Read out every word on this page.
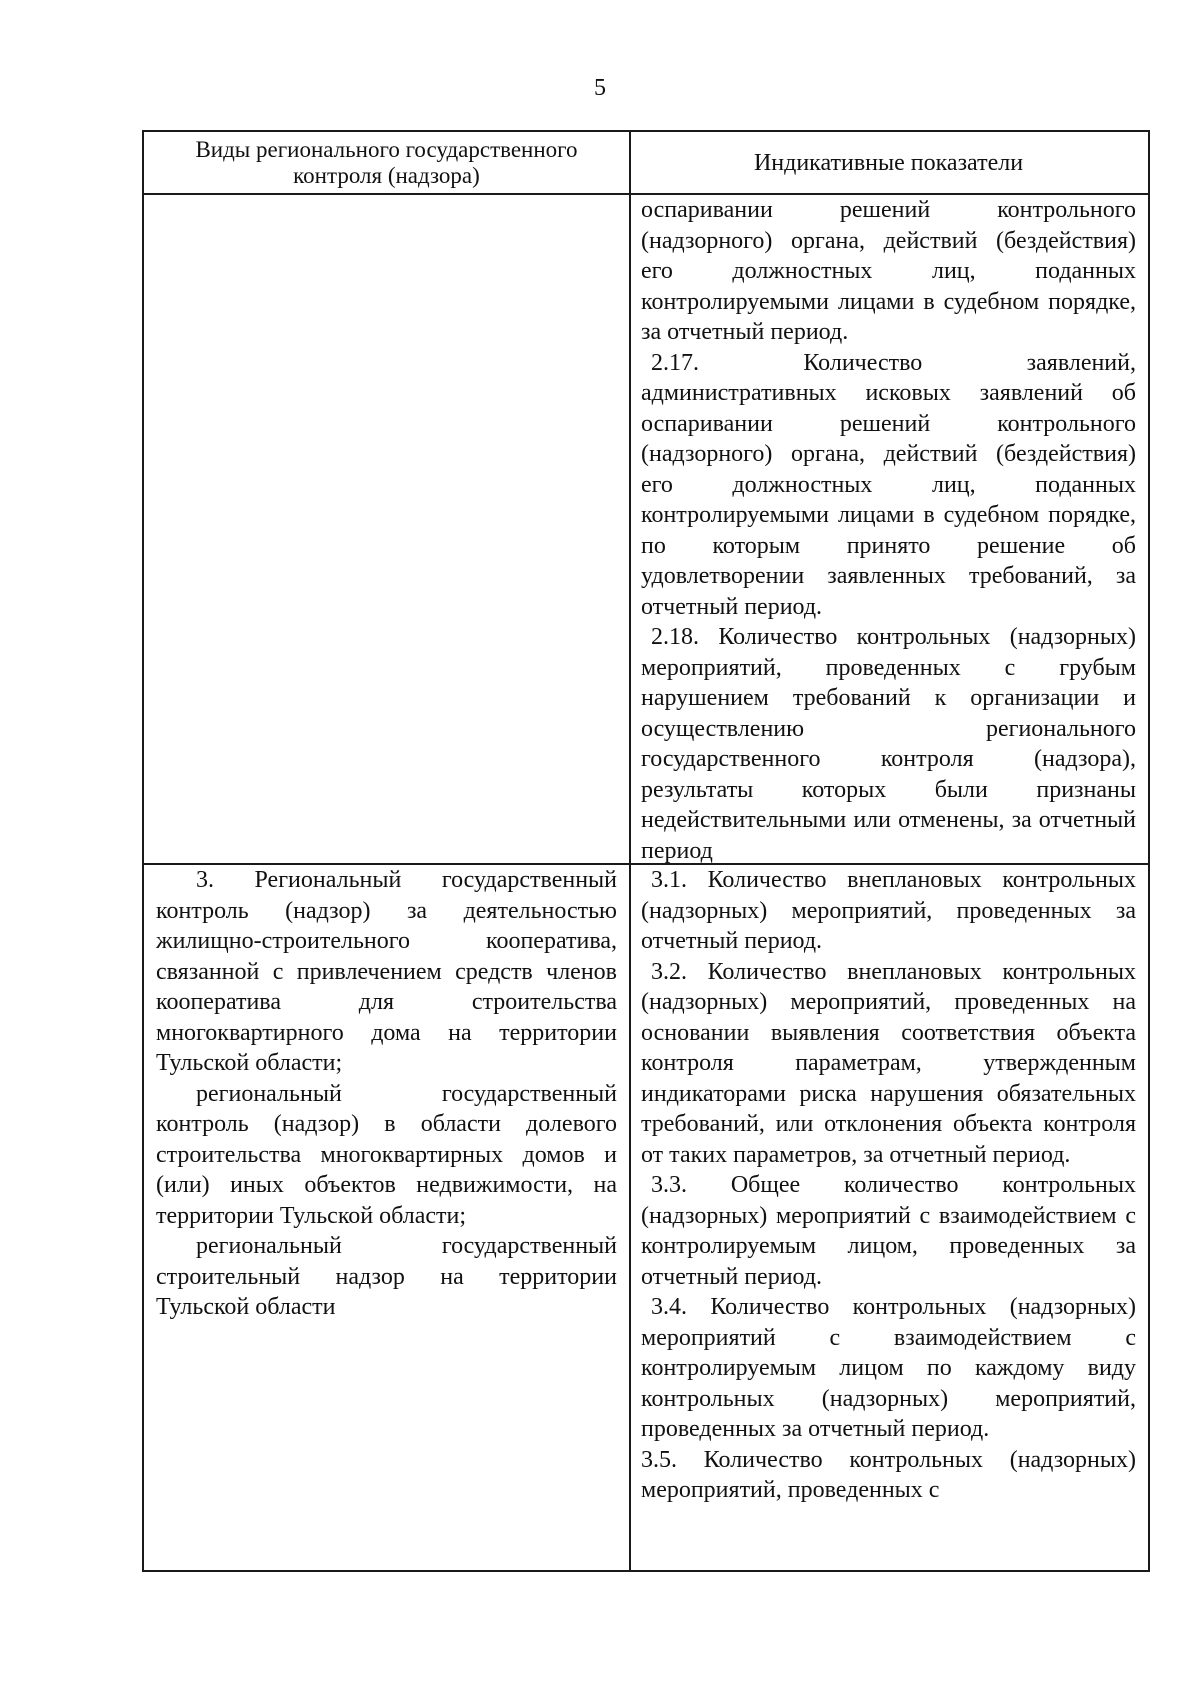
5
Виды регионального государственного контроля (надзора)	Индикативные показатели

оспаривании решений контрольного (надзорного) органа, действий (бездействия) его должностных лиц, поданных контролируемыми лицами в судебном порядке, за отчетный период.

2.17. Количество заявлений, административных исковых заявлений об оспаривании решений контрольного (надзорного) органа, действий (бездействия) его должностных лиц, поданных контролируемыми лицами в судебном порядке, по которым принято решение об удовлетворении заявленных требований, за отчетный период.

2.18. Количество контрольных (надзорных) мероприятий, проведенных с грубым нарушением требований к организации и осуществлению регионального государственного контроля (надзора), результаты которых были признаны недействительными или отменены, за отчетный период

3. Региональный государственный контроль (надзор) за деятельностью жилищно-строительного кооператива, связанной с привлечением средств членов кооператива для строительства многоквартирного дома на территории Тульской области;

региональный государственный контроль (надзор) в области долевого строительства многоквартирных домов и (или) иных объектов недвижимости, на территории Тульской области;

региональный государственный строительный надзор на территории Тульской области

3.1. Количество внеплановых контрольных (надзорных) мероприятий, проведенных за отчетный период.

3.2. Количество внеплановых контрольных (надзорных) мероприятий, проведенных на основании выявления соответствия объекта контроля параметрам, утвержденным индикаторами риска нарушения обязательных требований, или отклонения объекта контроля от таких параметров, за отчетный период.

3.3. Общее количество контрольных (надзорных) мероприятий с взаимодействием с контролируемым лицом, проведенных за отчетный период.

3.4. Количество контрольных (надзорных) мероприятий с взаимодействием с контролируемым лицом по каждому виду контрольных (надзорных) мероприятий, проведенных за отчетный период.

3.5. Количество контрольных (надзорных) мероприятий, проведенных с
